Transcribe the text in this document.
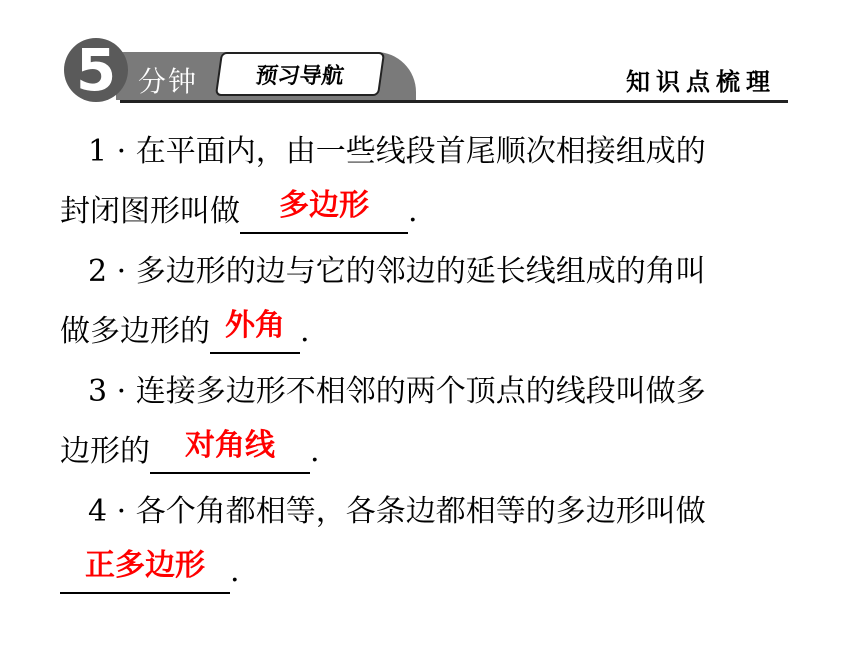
5 分钟	预习导航	知识点梳理
1 · 在平面内，由一些线段首尾顺次相接组成的
封闭图形叫做	多边形	.
2 · 多边形的边与它的邻边的延长线组成的角叫
做多边形的 外角 .
3 · 连接多边形不相邻的两个顶点的线段叫做多
边形的	对角线	.
4 · 各个角都相等，各条边都相等的多边形叫做
正多边形 .
